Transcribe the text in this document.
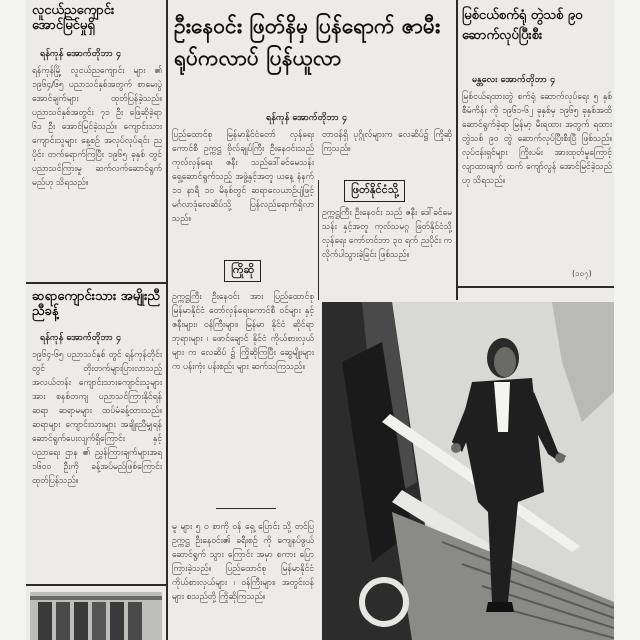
လူငယ်ညကျောင်း အောင်မြင်မှုရှိ
ရန်ကုန် အောက်တိုဘာ ၄
ရန်ကုန်မြို့ လူငယ်ညကျောင်း များ ၏ ၁၉၆၄/၆၅ ပညာသင်နှစ်အတွက် စာမေးပွဲ အောင်ချက်များ ထုတ်ပြန်ခဲ့သည်။ ပညာသင်နှစ်အတွင်း ၇၁ ဦး ဖြေဆိုခဲ့ရာ ၆၁ ဦး အောင်မြင်ခဲ့သည်။ ကျောင်းသား ကျောင်းသူများ နေ့စဉ် အလုပ်လုပ်ရင်း ညပိုင်း တက်ရောက်ကြပြီး ၁၉၆၅ ခုနှစ် တွင် ပညာသင်ကြားမှု ဆက်လက်ဆောင်ရွက်မည်ဟု သိရသည်။
ဆရာကျောင်းသား အမျိုးညီညီခန့်
ရန်ကုန် အောက်တိုဘာ ၄
၁၉၆၄-၆၅ ပညာသင်နှစ် တွင် ရန်ကုန်တိုင်းတွင် တိုးတက်များပြားလာသည့် အလယ်တန်း ကျောင်းသားကျောင်းသူများအား စနစ်တကျ ပညာသင်ကြားနိုင်ရန် ဆရာ ဆရာမများ ထပ်မံခန့်ထားသည်။ ဆရာများ ကျောင်းသားများ အချိုးညီမျှရန် ဆောင်ရွက်ပေးလျက်ရှိကြောင်း နှင့် ပညာရေး ဌာန ၏ ညွှန်ကြားချက်များအရ ၁၆၀၀ ဦးကို ခန့်အပ်မည်ဖြစ်ကြောင်း ထုတ်ပြန်သည်။
ဦးနေဝင်း ဖြတ်နိမှ ပြန်ရောက် ဇာမီး ရုပ်ကလာပ် ပြန်ယူလာ
ရန်ကုန် အောက်တိုဘာ ၄
ပြည်ထောင်စု မြန်မာနိုင်ငံတော် လှန်ရေးကောင်စီ ဥက္ကဋ္ဌ ဗိုလ်ချုပ်ကြီး ဦးနေဝင်းသည် ကုလ်လှန်ရေး ဇနီး သည်ဒေါ်ခင်မေသန်း ရှေ့ဆောင်ရွက်သည့် အဖွဲ့နှင့်အတူ ယနေ့ နံနက် ၁၁ နာရီ ၁၀ မိနစ်တွင် ဆရာလေယာဉ်ပျံဖြင့် မင်္ဂလာဒုံလေဆိပ်သို့ ပြန်လည်ရောက်ရှိလာသည်။
တာဝန်ရှိ ပုဂ္ဂိုလ်များက လေဆိပ်၌ ကြိုဆိုကြသည်။
ကြိုဆို
ဖြတ်နိုင်ငံသို့
ဥက္ကဋ္ဌကြီး ဦးနေဝင်း သည် ဇနီး ဒေါ်ခင်မေသန်း နှင့်အတူ ကုလ်သမဂ္ဂ ဖြတ်နိုင်ငံသို့ လှန်ရေး ကော်တင်ဘာ ၃၀ ရက် ညပိုင်း ကလိုက်ပါသွားခဲ့ခြင်း ဖြစ်သည်။
ဥက္ကဋ္ဌကြီး ဦးနေဝင်း အား ပြည်ထောင်စု မြန်မာနိုင်ငံ တော်လှန်ရေးကောင်စီ ဝင်များ နှင့် ဇနီးများ၊ ဝန်ကြီးများ၊ မြန်မာ နိုင်ငံ ဆိုင်ရာ ဘုရားများ ၊ ဖောင်ချောင် နိုင်ငံ ကိုယ်စားလှယ် များ က လေဆိပ် ၌ ကြိုဆိုကြပြီး ဆွေမျိုးများ က ပန်းကုံး ပန်းစည်း များ ဆက်သကြသည်။
မူ များ ၅ ဝ စာကို ဝန် ရှေ့ ပြောင်း သို့ တင်ပြ ဥက္ကဋ္ဌ ဦးနေဝင်း၏ ခရီးစဉ် ကို ကျေနပ်ဖွယ် ဆောင်ရွက် သွား ကြောင်း အမှာ စကား ပြောကြားခဲ့သည်။ ပြည်ထောင်စု မြန်မာနိုင်ငံ ကိုယ်စားလှယ်များ ၊ ဝန်ကြီးများ၊ အတွင်းဝန်များ စသည်တို့ ကြိုဆိုကြသည်။
မြစ်ငယ်စက်ရုံ တွဲသစ် ၉၀ ဆောက်လုပ်ပြီးစီး
မန္တလေး အောက်တိုဘာ ၄
မြစ်ငယ်ရထားတွဲ စက်ရုံ ဆောက်လုပ်ရေး ၅ နှစ် စီမံကိန်း ကို ၁၉၆၁-၆၂ ခုနှစ်မှ ၁၉၆၅ ခုနှစ်အထိ ဆောင်ရွက်ခဲ့ရာ မြန်မာ့ မီးရထား အတွက် ရထားတွဲသစ် ၉၀ တွဲ ဆောက်လုပ်ပြီးစီးပြီ ဖြစ်သည်။ လုပ်ငန်းရှင်များ ကြိုးပမ်း အားထုတ်မှုကြောင့် လျာထားချက် ထက် ကျော်လွန် အောင်မြင်ခဲ့သည်ဟု သိရသည်။
(၁၀၇)
